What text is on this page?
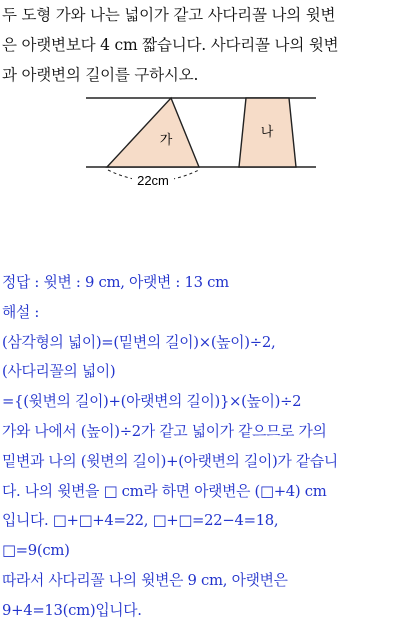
두 도형 가와 나는 넓이가 같고 사다리꼴 나의 윗변
은 아랫변보다 4 cm 짧습니다. 사다리꼴 나의 윗변
과 아랫변의 길이를 구하시오.
가
나
22cm
정답 : 윗변 : 9 cm, 아랫변 : 13 cm
해설 :
(삼각형의 넓이)=(밑변의 길이)×(높이)÷2,
(사다리꼴의 넓이)
={(윗변의 길이)+(아랫변의 길이)}×(높이)÷2
가와 나에서 (높이)÷2가 같고 넓이가 같으므로 가의
밑변과 나의 (윗변의 길이)+(아랫변의 길이)가 같습니
다. 나의 윗변을 □ cm라 하면 아랫변은 (□+4) cm
입니다. □+□+4=22, □+□=22−4=18,
□=9(cm)
따라서 사다리꼴 나의 윗변은 9 cm, 아랫변은
9+4=13(cm)입니다.
